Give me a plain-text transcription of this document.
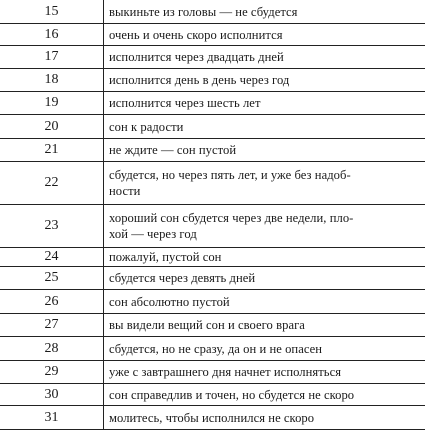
15	выкиньте из головы — не сбудется
16	очень и очень скоро исполнится
17	исполнится через двадцать дней
18	исполнится день в день через год
19	исполнится через шесть лет
20	сон к радости
21	не ждите — сон пустой
22	сбудется, но через пять лет, и уже без надоб-
ности
23	хороший сон сбудется через две недели, пло-
хой — через год
24	пожалуй, пустой сон
25	сбудется через девять дней
26	сон абсолютно пустой
27	вы видели вещий сон и своего врага
28	сбудется, но не сразу, да он и не опасен
29	уже с завтрашнего дня начнет исполняться
30	сон справедлив и точен, но сбудется не скоро
31	молитесь, чтобы исполнился не скоро
